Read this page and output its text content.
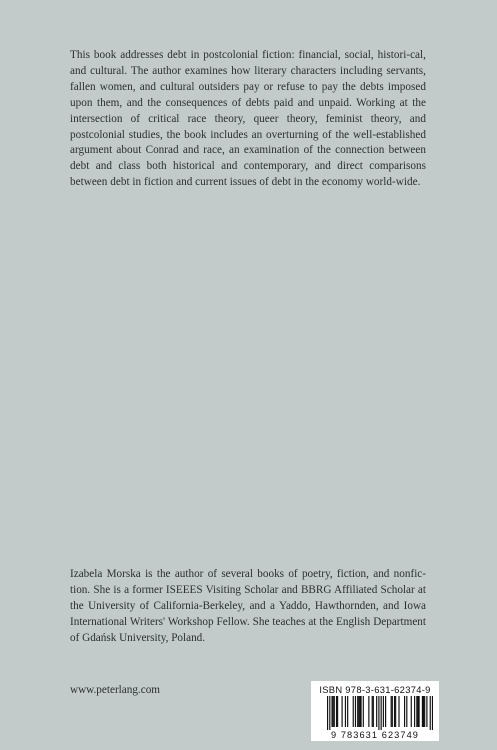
This book addresses debt in postcolonial fiction: financial, social, histori-cal, and cultural. The author examines how literary characters including servants, fallen women, and cultural outsiders pay or refuse to pay the debts imposed upon them, and the consequences of debts paid and unpaid. Working at the intersection of critical race theory, queer theory, feminist theory, and postcolonial studies, the book includes an overturning of the well-established argument about Conrad and race, an examination of the connection between debt and class both historical and contemporary, and direct comparisons between debt in fiction and current issues of debt in the economy world-wide.

Izabela Morska is the author of several books of poetry, fiction, and nonfic-tion. She is a former ISEEES Visiting Scholar and BBRG Affiliated Scholar at the University of California-Berkeley, and a Yaddo, Hawthornden, and Iowa International Writers' Workshop Fellow. She teaches at the English Department of Gdańsk University, Poland.

www.peterlang.com	ISBN 978-3-631-62374-9
9 783631 623749
